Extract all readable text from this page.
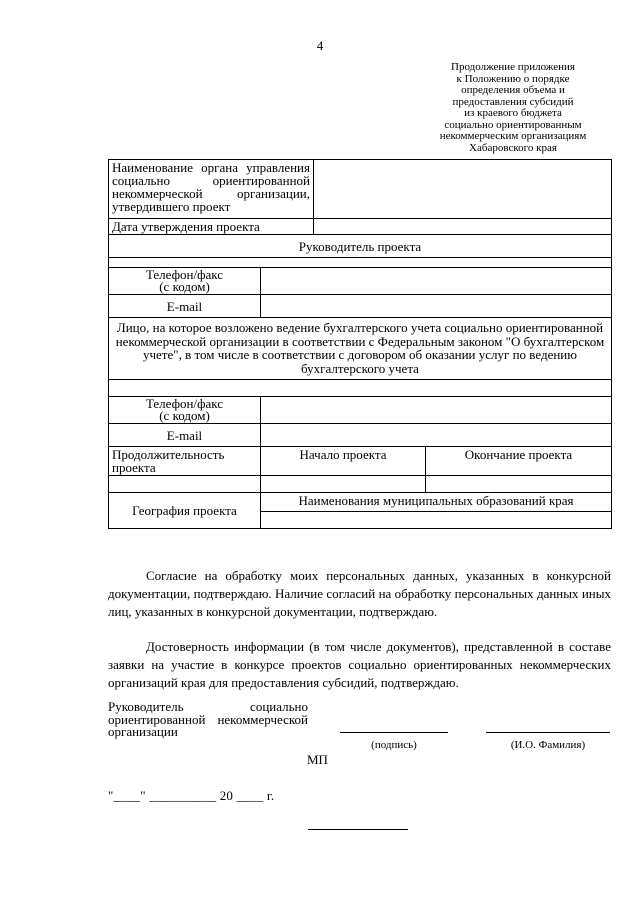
4
Продолжение приложения
к Положению о порядке
определения объема и
предоставления субсидий
из краевого бюджета
социально ориентированным
некоммерческим организациям
Хабаровского края
Наименование органа управления социально ориентированной некоммерческой организации, утвердившего проект			
Дата утверждения проекта			
Руководитель проекта			

Телефон/факс
(с кодом)			

E-mail			
Лицо, на которое возложено ведение бухгалтерского учета социально ориентированной некоммерческой организации в соответствии с Федеральным законом "О бухгалтерском учете", в том числе в соответствии с договором об оказании услуг по ведению бухгалтерского учета			

Телефон/факс
(с кодом)			

E-mail			
Продолжительность проекта	Начало проекта		Окончание проекта

География проекта	Наименования муниципальных образований края		

Согласие на обработку моих персональных данных, указанных в конкурсной документации, подтверждаю. Наличие согласий на обработку персональных данных иных лиц, указанных в конкурсной документации, подтверждаю.
Достоверность информации (в том числе документов), представленной в составе заявки на участие в конкурсе проектов социально ориентированных некоммерческих организаций края для предоставления субсидий, подтверждаю.
Руководитель социально ориентированной некоммерческой организации
(подпись)	(И.О. Фамилия)
МП
"____" __________ 20 ____ г.
